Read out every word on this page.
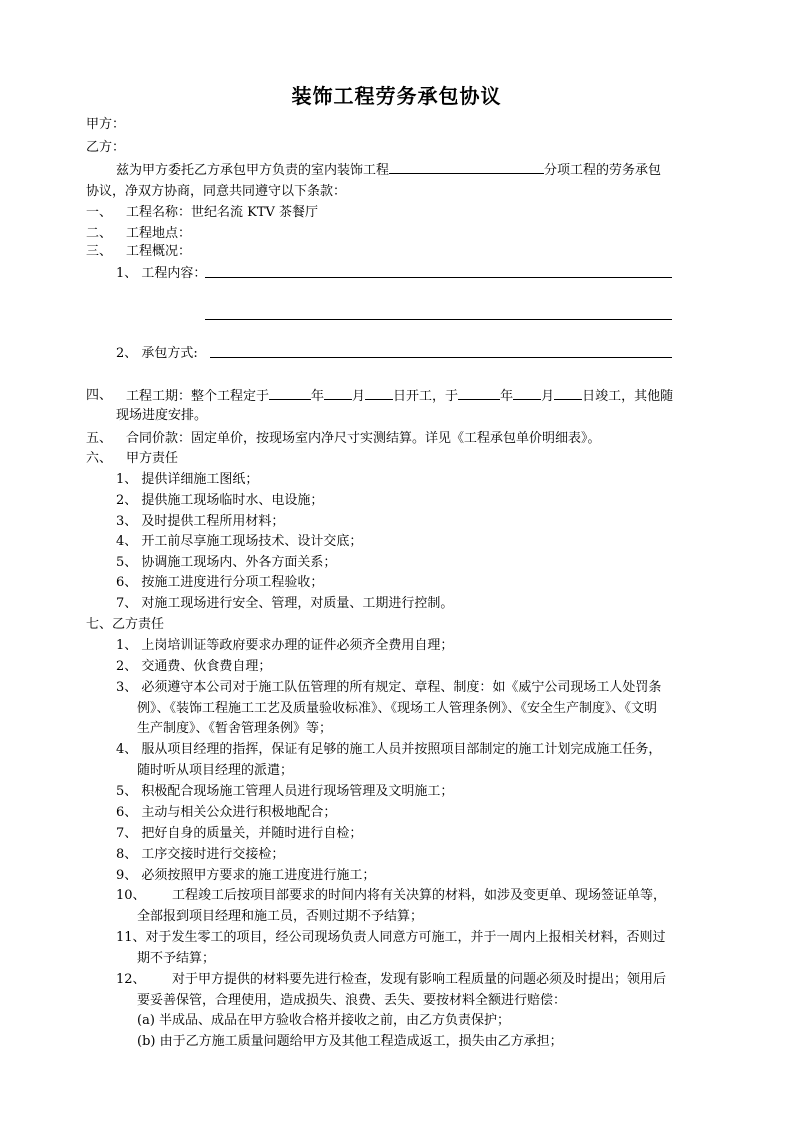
装饰工程劳务承包协议
甲方：
乙方：
兹为甲方委托乙方承包甲方负责的室内装饰工程	分项工程的劳务承包
协议，净双方协商，同意共同遵守以下条款：
一、 工程名称：世纪名流 KTV 茶餐厅
二、 工程地点：
三、 工程概况：
1、 工程内容：
2、 承包方式:
四、 工程工期：整个工程定于	年 月 日开工，于	年 月 日竣工，其他随
现场进度安排。
五、 合同价款：固定单价，按现场室内净尺寸实测结算。详见《工程承包单价明细表》。
六、 甲方责任
1、 提供详细施工图纸；
2、 提供施工现场临时水、电设施；
3、 及时提供工程所用材料；
4、 开工前尽享施工现场技术、设计交底；
5、 协调施工现场内、外各方面关系；
6、 按施工进度进行分项工程验收；
7、 对施工现场进行安全、管理，对质量、工期进行控制。
七、乙方责任
1、 上岗培训证等政府要求办理的证件必须齐全费用自理；
2、 交通费、伙食费自理；
3、 必须遵守本公司对于施工队伍管理的所有规定、章程、制度：如《威宁公司现场工人处罚条
例》、《装饰工程施工工艺及质量验收标准》、《现场工人管理条例》、《安全生产制度》、《文明
生产制度》、《暂舍管理条例》等；
4、 服从项目经理的指挥，保证有足够的施工人员并按照项目部制定的施工计划完成施工任务，
随时听从项目经理的派遣；
5、 积极配合现场施工管理人员进行现场管理及文明施工；
6、 主动与相关公众进行积极地配合；
7、 把好自身的质量关，并随时进行自检；
8、 工序交接时进行交接检；
9、 必须按照甲方要求的施工进度进行施工；
10、 工程竣工后按项目部要求的时间内将有关决算的材料，如涉及变更单、现场签证单等，
全部报到项目经理和施工员，否则过期不予结算；
11、对于发生零工的项目，经公司现场负责人同意方可施工，并于一周内上报相关材料，否则过
期不予结算；
12、 对于甲方提供的材料要先进行检查，发现有影响工程质量的问题必须及时提出；领用后
要妥善保管，合理使用，造成损失、浪费、丢失、要按材料全额进行赔偿：
(a) 半成品、成品在甲方验收合格并接收之前，由乙方负责保护；
(b) 由于乙方施工质量问题给甲方及其他工程造成返工，损失由乙方承担；
